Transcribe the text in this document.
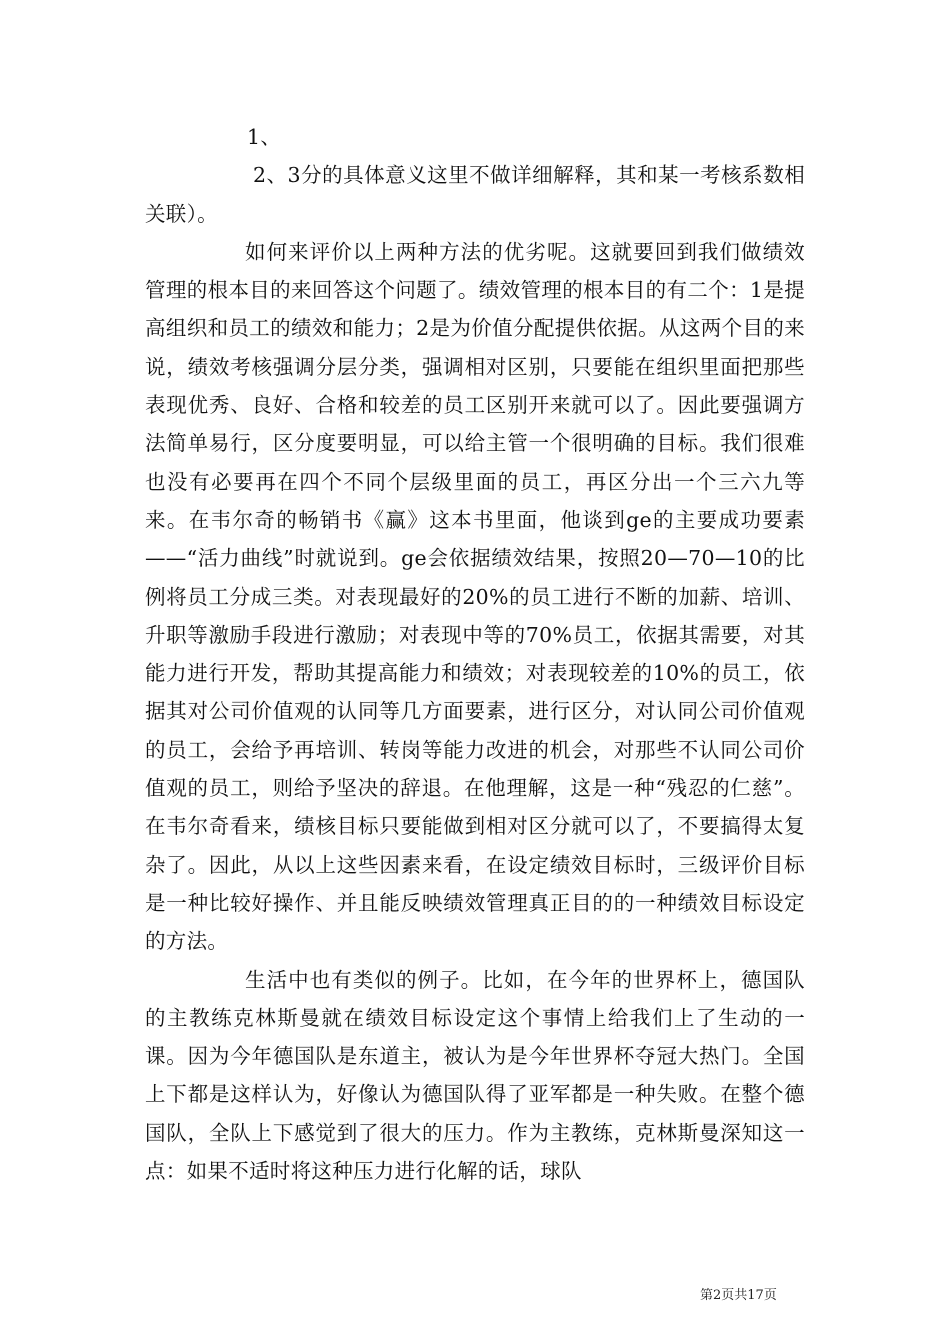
1、

2、3分的具体意义这里不做详细解释，其和某一考核系数相关联）。

如何来评价以上两种方法的优劣呢。这就要回到我们做绩效管理的根本目的来回答这个问题了。绩效管理的根本目的有二个：1是提高组织和员工的绩效和能力；2是为价值分配提供依据。从这两个目的来说，绩效考核强调分层分类，强调相对区别，只要能在组织里面把那些表现优秀、良好、合格和较差的员工区别开来就可以了。因此要强调方法简单易行，区分度要明显，可以给主管一个很明确的目标。我们很难也没有必要再在四个不同个层级里面的员工，再区分出一个三六九等来。在韦尔奇的畅销书《赢》这本书里面，他谈到ge的主要成功要素——“活力曲线”时就说到。ge会依据绩效结果，按照20—70—10的比例将员工分成三类。对表现最好的20%的员工进行不断的加薪、培训、升职等激励手段进行激励；对表现中等的70%员工，依据其需要，对其能力进行开发，帮助其提高能力和绩效；对表现较差的10%的员工，依据其对公司价值观的认同等几方面要素，进行区分，对认同公司价值观的员工，会给予再培训、转岗等能力改进的机会，对那些不认同公司价值观的员工，则给予坚决的辞退。在他理解，这是一种“残忍的仁慈”。在韦尔奇看来，绩核目标只要能做到相对区分就可以了，不要搞得太复杂了。因此，从以上这些因素来看，在设定绩效目标时，三级评价目标是一种比较好操作、并且能反映绩效管理真正目的的一种绩效目标设定的方法。

生活中也有类似的例子。比如，在今年的世界杯上，德国队的主教练克林斯曼就在绩效目标设定这个事情上给我们上了生动的一课。因为今年德国队是东道主，被认为是今年世界杯夺冠大热门。全国上下都是这样认为，好像认为德国队得了亚军都是一种失败。在整个德国队，全队上下感觉到了很大的压力。作为主教练，克林斯曼深知这一点：如果不适时将这种压力进行化解的话，球队

第2页共17页
